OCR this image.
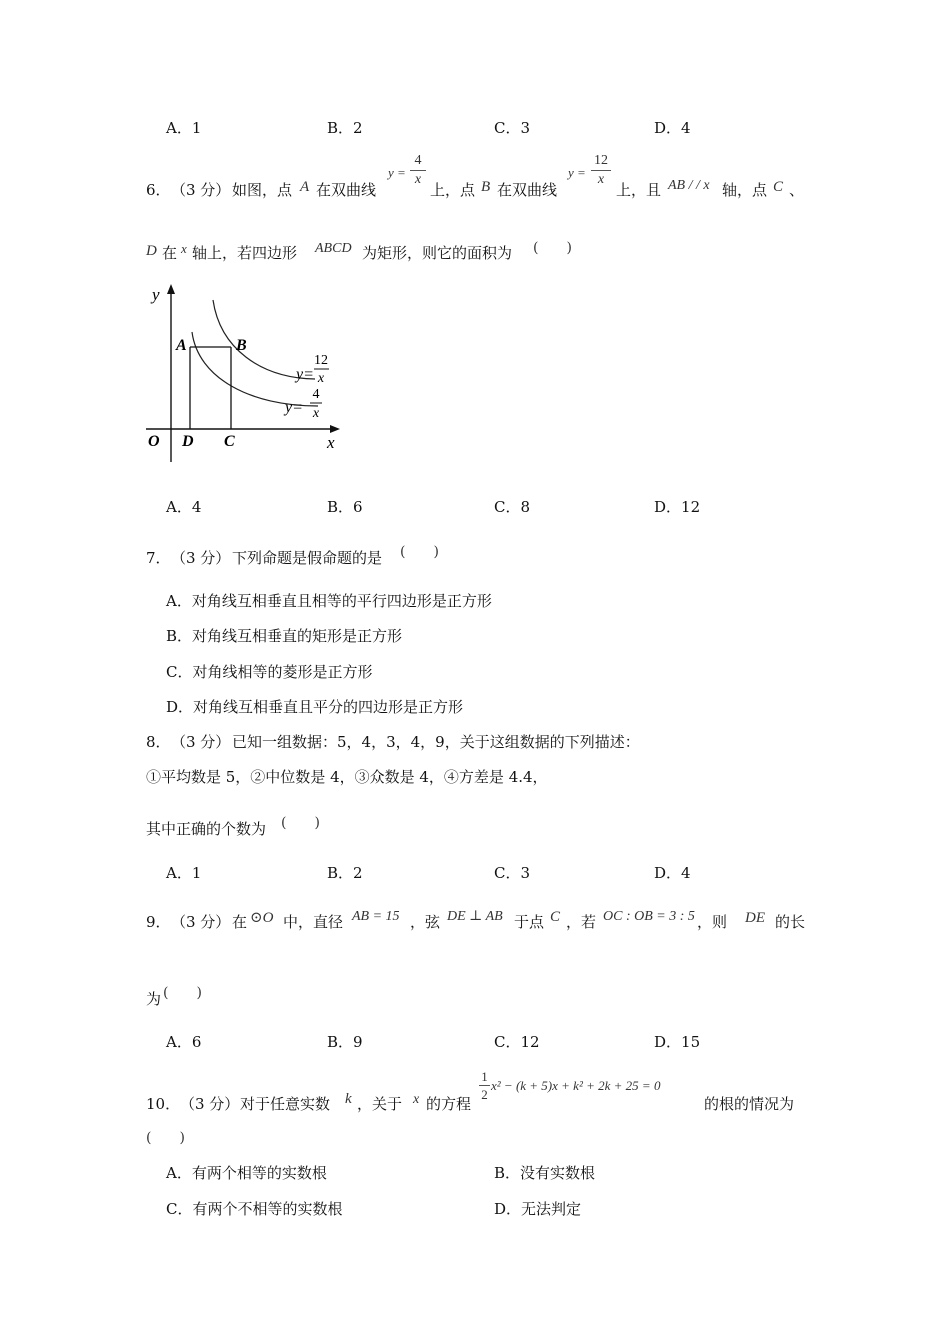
A．1	B．2	C．3	D．4
6． （3 分） 如图，点 A 在双曲线
y =
4
x
上，点 B 在双曲线
y =
12
x
上，且 AB / / x 轴，点 C 、
D 在 x 轴上，若四边形 ABCD 为矩形，则它的面积为 (　　)
y
x
O
A	B
C
D
y=
12
x
y=
4
x
A．4	B．6	C．8	D．12
7． （3 分） 下列命题是假命题的是 (　　)
A．对角线互相垂直且相等的平行四边形是正方形
B．对角线互相垂直的矩形是正方形
C．对角线相等的菱形是正方形
D．对角线互相垂直且平分的四边形是正方形
8． （3 分） 已知一组数据：5，4，3，4，9，关于这组数据的下列描述：
①平均数是 5，②中位数是 4，③众数是 4，④方差是 4.4，
其中正确的个数为 (　　)
A．1	B．2	C．3	D．4
9． （3 分） 在 ⊙O 中，直径 AB = 15 ，弦 DE ⊥ AB 于点 C ，若 OC : OB = 3 : 5 ，则 DE 的长
为 (　　)
A．6	B．9	C．12	D．15
10． （3 分） 对于任意实数 k ，关于 x 的方程
1
2
x² − (k + 5)x + k² + 2k + 25 = 0
的根的情况为
(　　)
A．有两个相等的实数根	B．没有实数根
C．有两个不相等的实数根	D．无法判定
